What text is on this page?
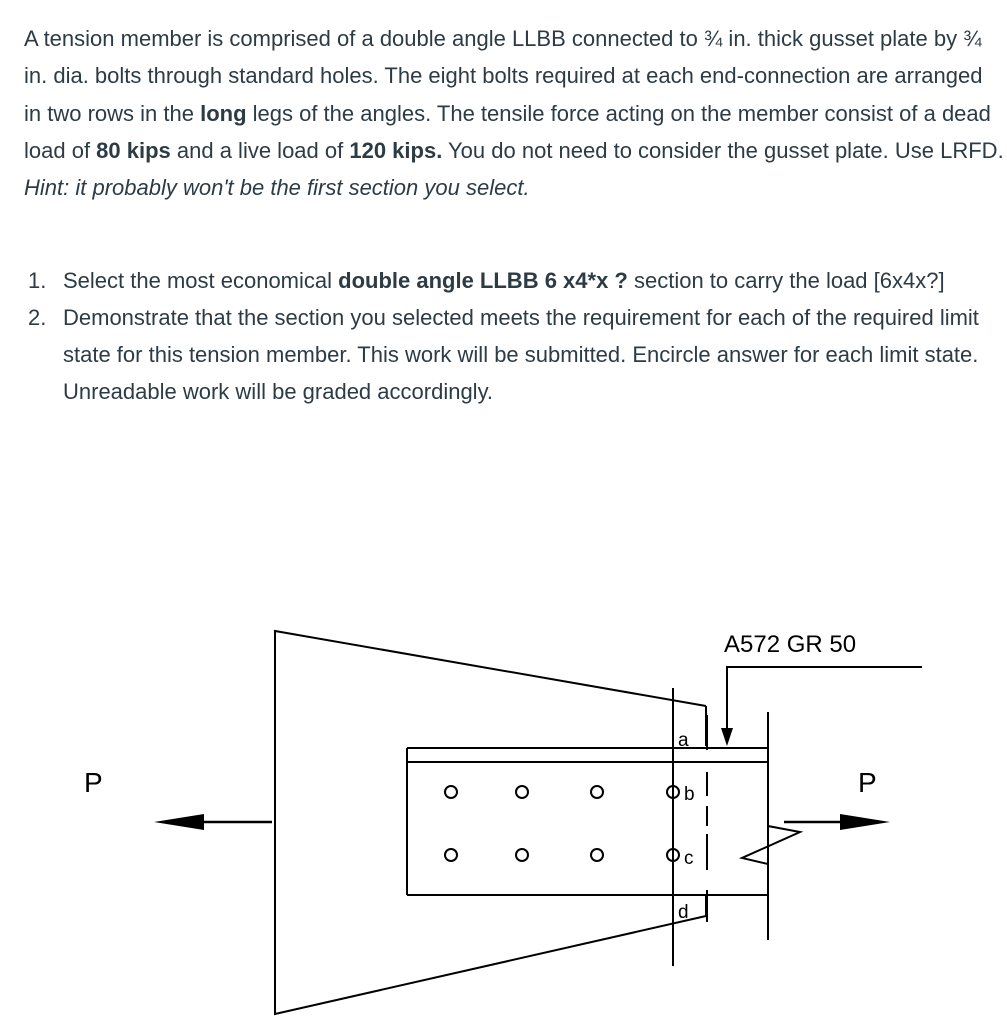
A tension member is comprised of a double angle LLBB connected to ¾ in. thick gusset plate by ¾ in. dia. bolts through standard holes. The eight bolts required at each end-connection are arranged in two rows in the long legs of the angles. The tensile force acting on the member consist of a dead load of 80 kips and a live load of 120 kips. You do not need to consider the gusset plate. Use LRFD. Hint: it probably won't be the first section you select.
1. Select the most economical double angle LLBB 6 x4*x ? section to carry the load [6x4x?]
2. Demonstrate that the section you selected meets the requirement for each of the required limit state for this tension member. This work will be submitted. Encircle answer for each limit state. Unreadable work will be graded accordingly.
A572 GR 50
P	P
a
b
c
d
